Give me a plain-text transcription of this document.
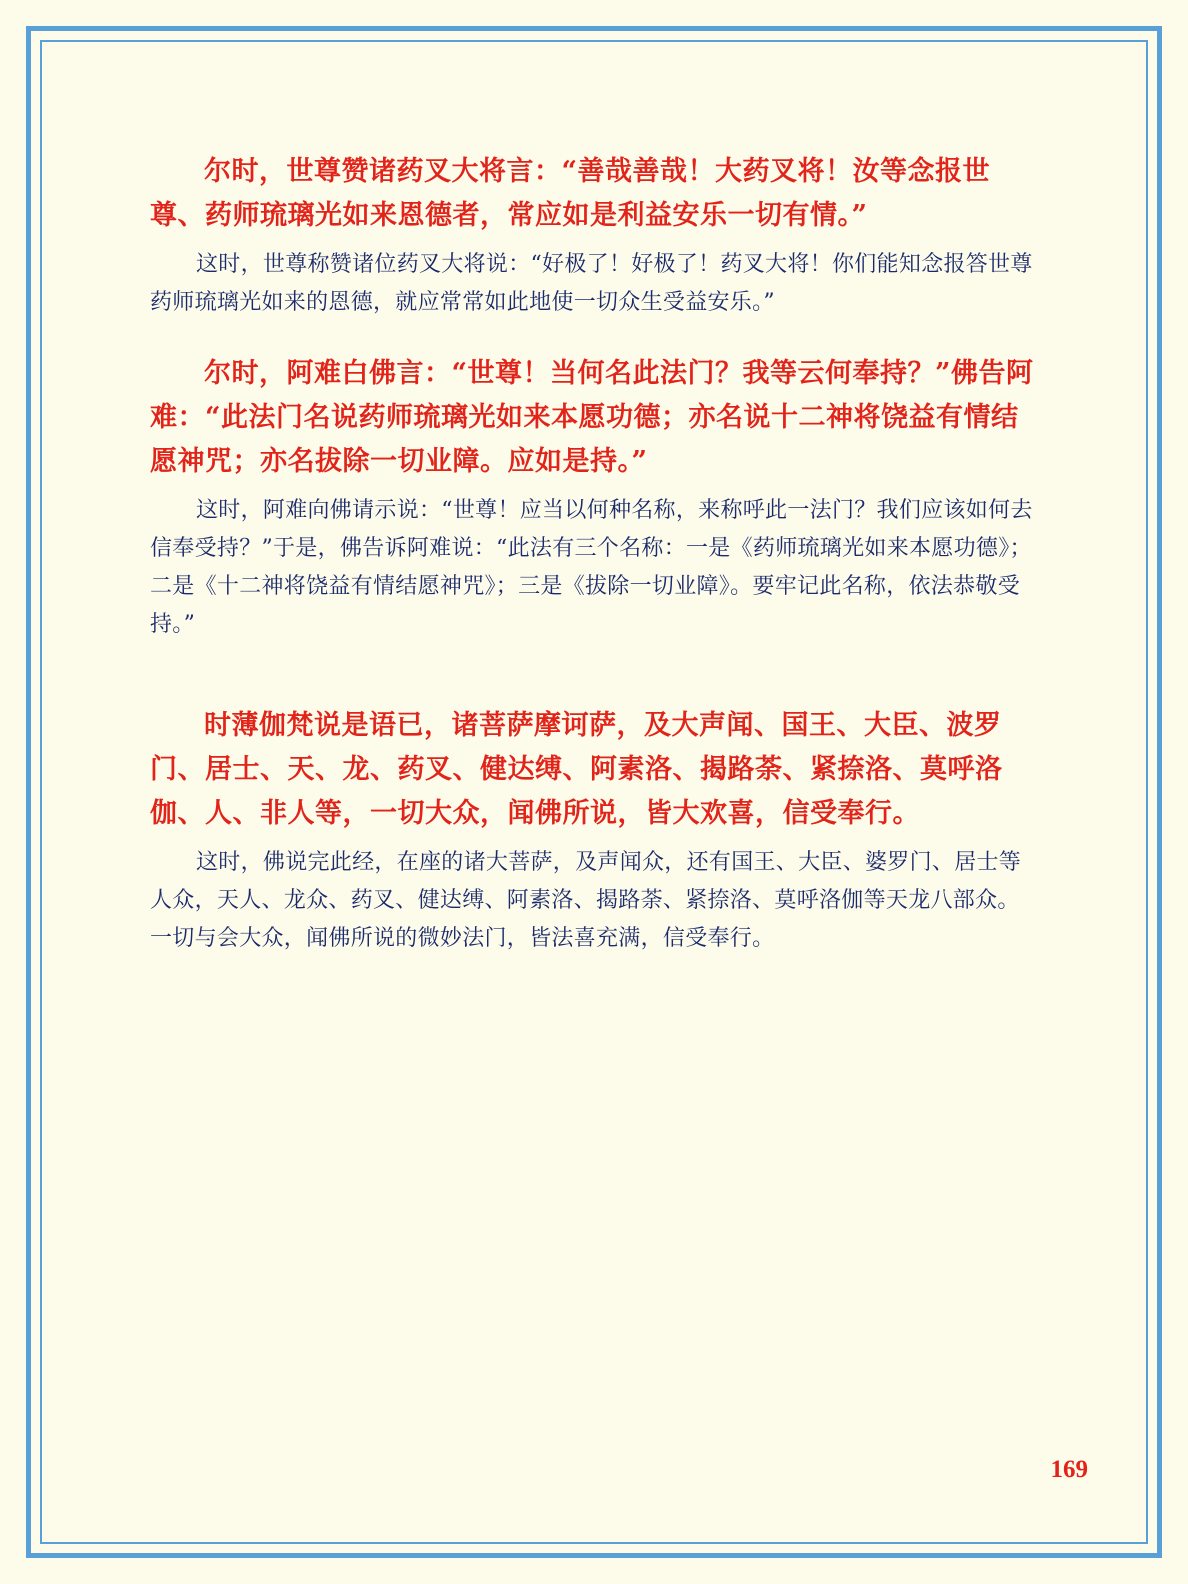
尔时，世尊赞诸药叉大将言：“善哉善哉！大药叉将！汝等念报世尊、药师琉璃光如来恩德者，常应如是利益安乐一切有情。”

这时，世尊称赞诸位药叉大将说：“好极了！好极了！药叉大将！你们能知念报答世尊药师琉璃光如来的恩德，就应常常如此地使一切众生受益安乐。”

尔时，阿难白佛言：“世尊！当何名此法门？我等云何奉持？”佛告阿难：“此法门名说药师琉璃光如来本愿功德；亦名说十二神将饶益有情结愿神咒；亦名拔除一切业障。应如是持。”

这时，阿难向佛请示说：“世尊！应当以何种名称，来称呼此一法门？我们应该如何去信奉受持？”于是，佛告诉阿难说：“此法有三个名称：一是《药师琉璃光如来本愿功德》；二是《十二神将饶益有情结愿神咒》；三是《拔除一切业障》。要牢记此名称，依法恭敬受持。”

时薄伽梵说是语已，诸菩萨摩诃萨，及大声闻、国王、大臣、波罗门、居士、天、龙、药叉、健达缚、阿素洛、揭路荼、紧捺洛、莫呼洛伽、人、非人等，一切大众，闻佛所说，皆大欢喜，信受奉行。

这时，佛说完此经，在座的诸大菩萨，及声闻众，还有国王、大臣、婆罗门、居士等人众，天人、龙众、药叉、健达缚、阿素洛、揭路荼、紧捺洛、莫呼洛伽等天龙八部众。一切与会大众，闻佛所说的微妙法门，皆法喜充满，信受奉行。

169
